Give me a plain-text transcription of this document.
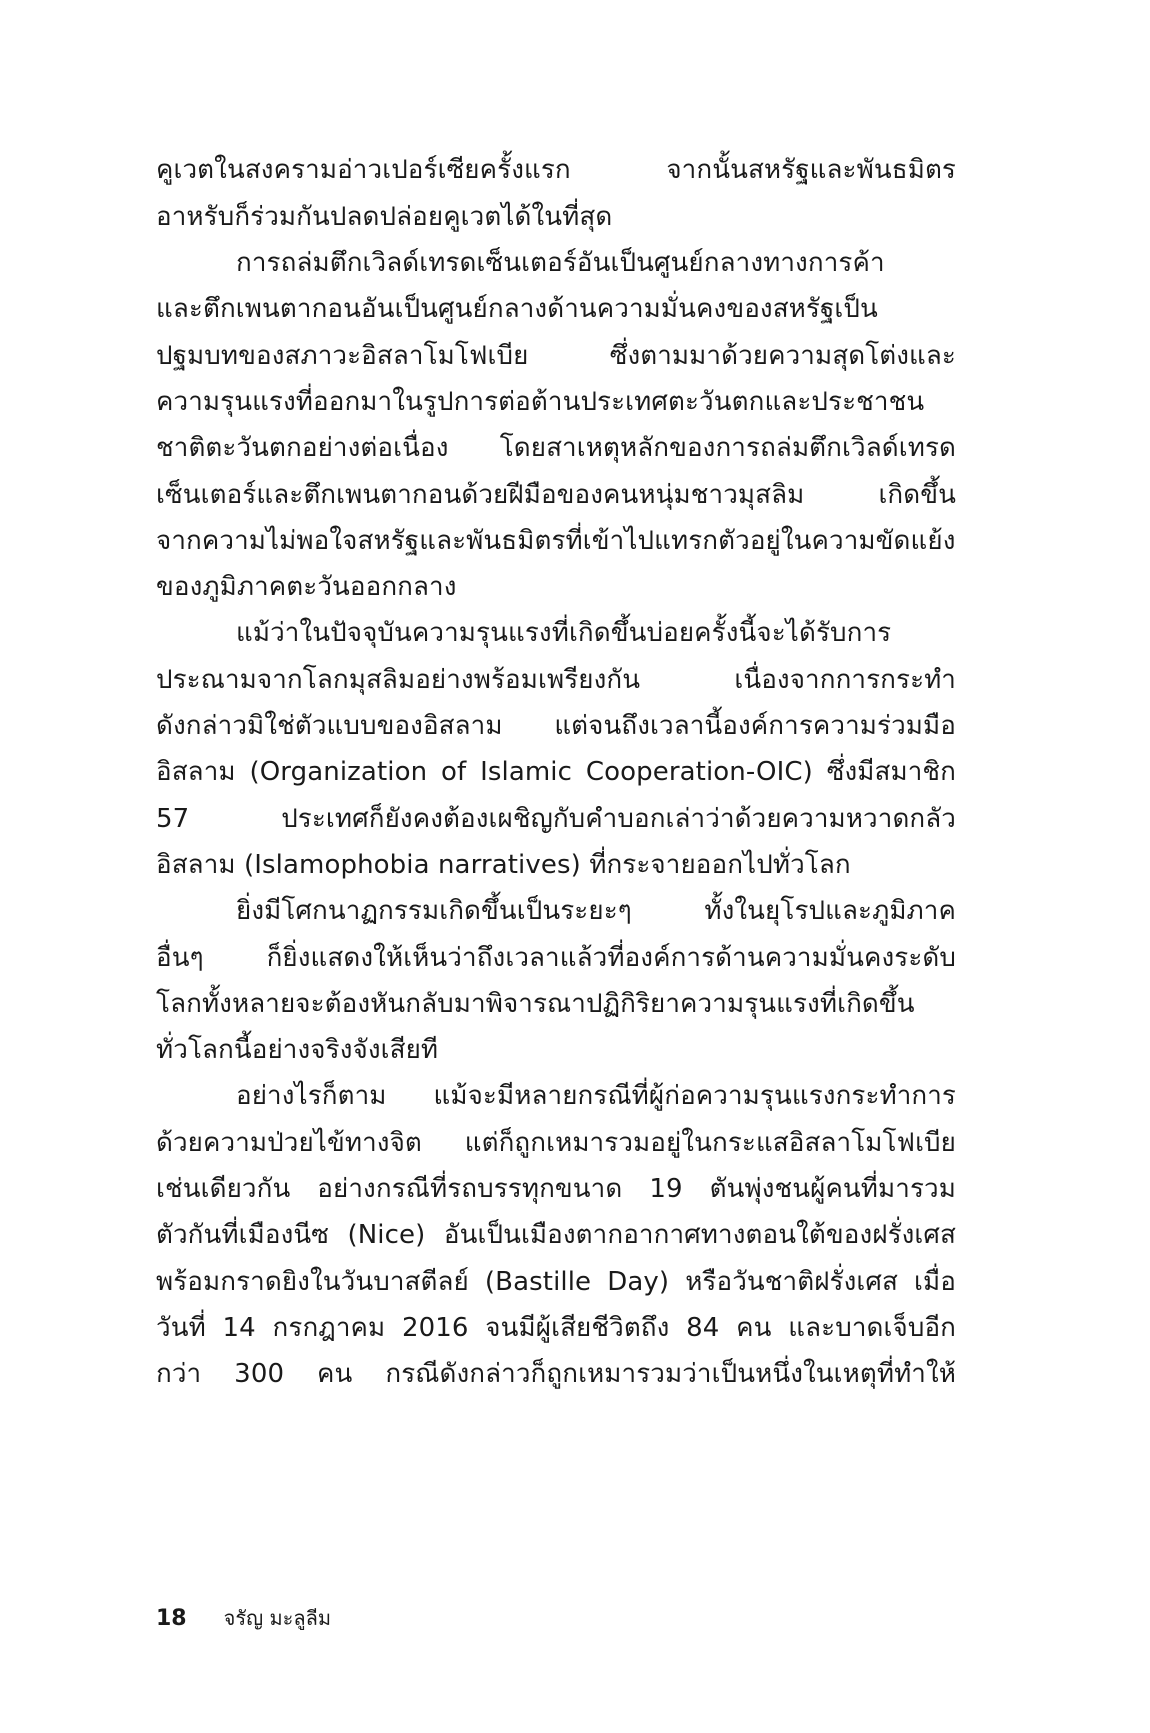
คูเวตในสงครามอ่าวเปอร์เซียครั้งแรก จากนั้นสหรัฐและพันธมิตร
อาหรับก็ร่วมกันปลดปล่อยคูเวตได้ในที่สุด
การถล่มตึกเวิลด์เทรดเซ็นเตอร์อันเป็นศูนย์กลางทางการค้า
และตึกเพนตากอนอันเป็นศูนย์กลางด้านความมั่นคงของสหรัฐเป็น
ปฐมบทของสภาวะอิสลาโมโฟเบีย ซึ่งตามมาด้วยความสุดโต่งและ
ความรุนแรงที่ออกมาในรูปการต่อต้านประเทศตะวันตกและประชาชน
ชาติตะวันตกอย่างต่อเนื่อง โดยสาเหตุหลักของการถล่มตึกเวิลด์เทรด
เซ็นเตอร์และตึกเพนตากอนด้วยฝีมือของคนหนุ่มชาวมุสลิม เกิดขึ้น
จากความไม่พอใจสหรัฐและพันธมิตรที่เข้าไปแทรกตัวอยู่ในความขัดแย้ง
ของภูมิภาคตะวันออกกลาง
แม้ว่าในปัจจุบันความรุนแรงที่เกิดขึ้นบ่อยครั้งนี้จะได้รับการ
ประณามจากโลกมุสลิมอย่างพร้อมเพรียงกัน เนื่องจากการกระทำ
ดังกล่าวมิใช่ตัวแบบของอิสลาม แต่จนถึงเวลานี้องค์การความร่วมมือ
อิสลาม (Organization of Islamic Cooperation-OIC) ซึ่งมีสมาชิก
57 ประเทศก็ยังคงต้องเผชิญกับคำบอกเล่าว่าด้วยความหวาดกลัว
อิสลาม (Islamophobia narratives) ที่กระจายออกไปทั่วโลก
ยิ่งมีโศกนาฏกรรมเกิดขึ้นเป็นระยะๆ ทั้งในยุโรปและภูมิภาค
อื่นๆ ก็ยิ่งแสดงให้เห็นว่าถึงเวลาแล้วที่องค์การด้านความมั่นคงระดับ
โลกทั้งหลายจะต้องหันกลับมาพิจารณาปฏิกิริยาความรุนแรงที่เกิดขึ้น
ทั่วโลกนี้อย่างจริงจังเสียที
อย่างไรก็ตาม แม้จะมีหลายกรณีที่ผู้ก่อความรุนแรงกระทำการ
ด้วยความป่วยไข้ทางจิต แต่ก็ถูกเหมารวมอยู่ในกระแสอิสลาโมโฟเบีย
เช่นเดียวกัน อย่างกรณีที่รถบรรทุกขนาด 19 ตันพุ่งชนผู้คนที่มารวม
ตัวกันที่เมืองนีซ (Nice) อันเป็นเมืองตากอากาศทางตอนใต้ของฝรั่งเศส
พร้อมกราดยิงในวันบาสตีลย์ (Bastille Day) หรือวันชาติฝรั่งเศส เมื่อ
วันที่ 14 กรกฎาคม 2016 จนมีผู้เสียชีวิตถึง 84 คน และบาดเจ็บอีก
กว่า 300 คน กรณีดังกล่าวก็ถูกเหมารวมว่าเป็นหนึ่งในเหตุที่ทำให้
18 จรัญ มะลูลีม
